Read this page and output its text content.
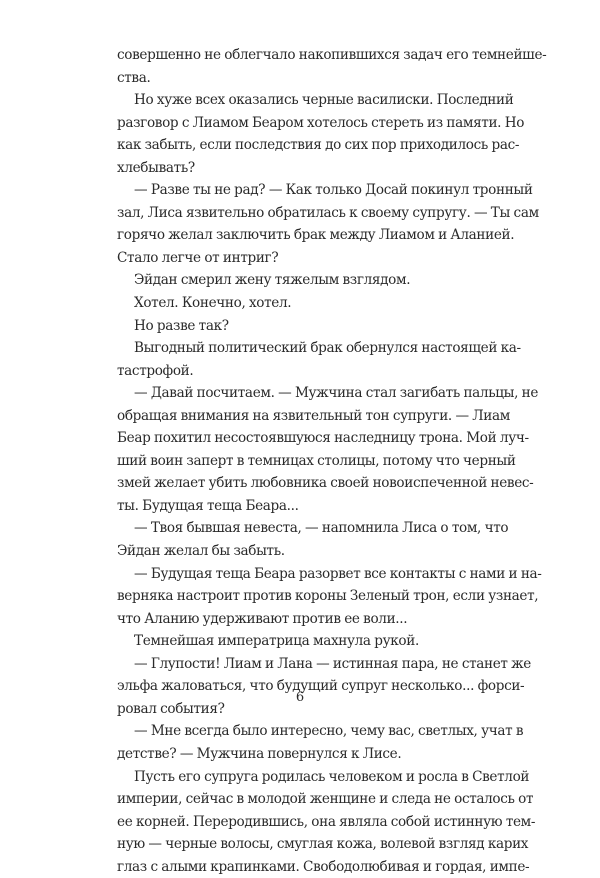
совершенно не облегчало накопившихся задач его темнейше-
ства.
Но хуже всех оказались черные василиски. Последний
разговор с Лиамом Беаром хотелось стереть из памяти. Но
как забыть, если последствия до сих пор приходилось рас-
хлебывать?
— Разве ты не рад? — Как только Досай покинул тронный
зал, Лиса язвительно обратилась к своему супругу. — Ты сам
горячо желал заключить брак между Лиамом и Аланией.
Стало легче от интриг?
Эйдан смерил жену тяжелым взглядом.
Хотел. Конечно, хотел.
Но разве так?
Выгодный политический брак обернулся настоящей ка-
тастрофой.
— Давай посчитаем. — Мужчина стал загибать пальцы, не
обращая внимания на язвительный тон супруги. — Лиам
Беар похитил несостоявшуюся наследницу трона. Мой луч-
ший воин заперт в темницах столицы, потому что черный
змей желает убить любовника своей новоиспеченной невес-
ты. Будущая теща Беара...
— Твоя бывшая невеста, — напомнила Лиса о том, что
Эйдан желал бы забыть.
— Будущая теща Беара разорвет все контакты с нами и на-
верняка настроит против короны Зеленый трон, если узнает,
что Аланию удерживают против ее воли...
Темнейшая императрица махнула рукой.
— Глупости! Лиам и Лана — истинная пара, не станет же
эльфа жаловаться, что будущий супруг несколько... форси-
ровал события?
— Мне всегда было интересно, чему вас, светлых, учат в
детстве? — Мужчина повернулся к Лисе.
Пусть его супруга родилась человеком и росла в Светлой
империи, сейчас в молодой женщине и следа не осталось от
ее корней. Переродившись, она являла собой истинную тем-
ную — черные волосы, смуглая кожа, волевой взгляд карих
глаз с алыми крапинками. Свободолюбивая и гордая, импе-
6
